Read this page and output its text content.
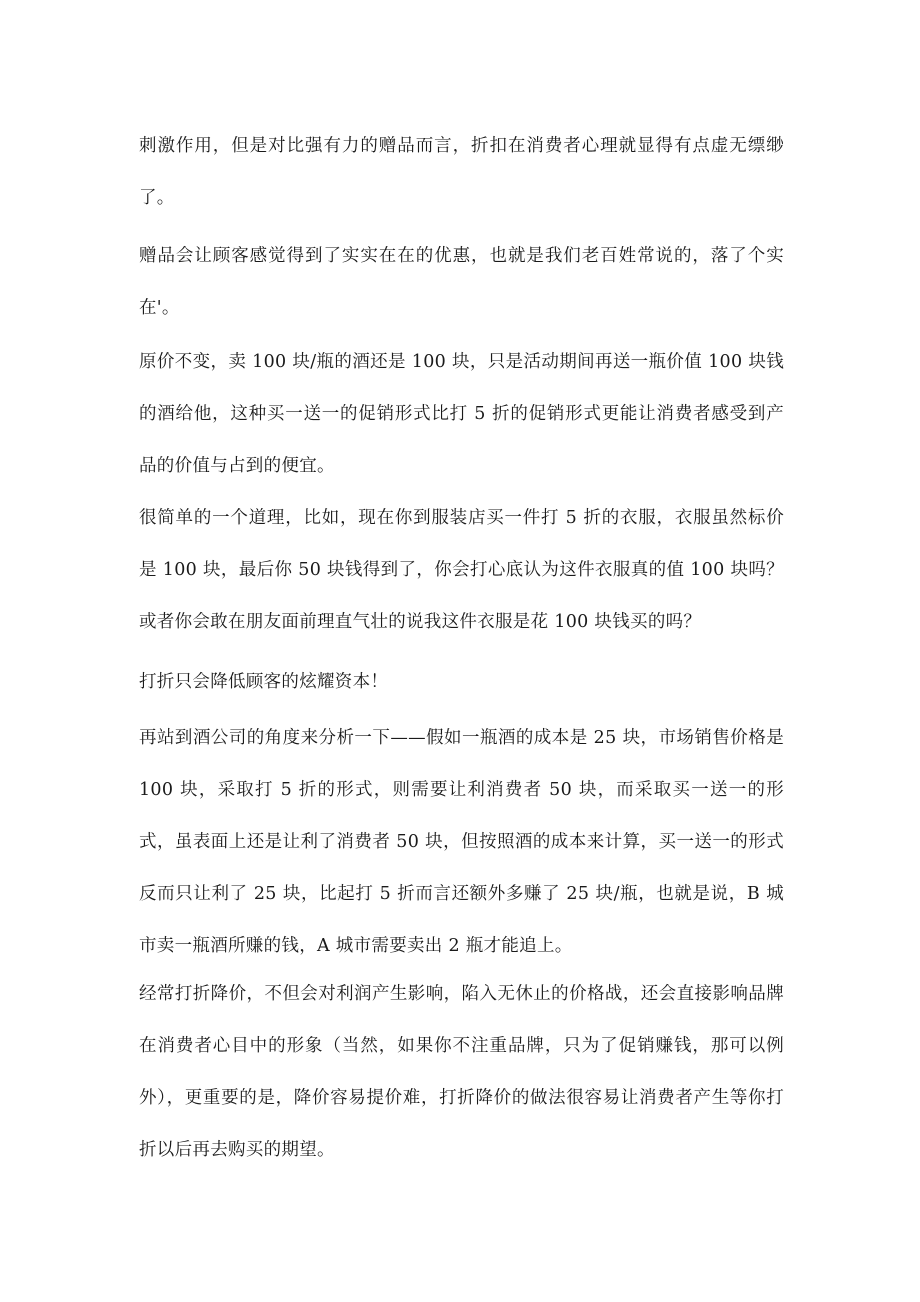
刺激作用，但是对比强有力的赠品而言，折扣在消费者心理就显得有点虚无缥缈了。

赠品会让顾客感觉得到了实实在在的优惠，也就是我们老百姓常说的，落了个实在'。

原价不变，卖 100 块/瓶的酒还是 100 块，只是活动期间再送一瓶价值 100 块钱的酒给他，这种买一送一的促销形式比打 5 折的促销形式更能让消费者感受到产品的价值与占到的便宜。

很简单的一个道理，比如，现在你到服装店买一件打 5 折的衣服，衣服虽然标价是 100 块，最后你 50 块钱得到了，你会打心底认为这件衣服真的值 100 块吗？或者你会敢在朋友面前理直气壮的说我这件衣服是花 100 块钱买的吗？

打折只会降低顾客的炫耀资本！

再站到酒公司的角度来分析一下——假如一瓶酒的成本是 25 块，市场销售价格是 100 块，采取打 5 折的形式，则需要让利消费者 50 块，而采取买一送一的形式，虽表面上还是让利了消费者 50 块，但按照酒的成本来计算，买一送一的形式反而只让利了 25 块，比起打 5 折而言还额外多赚了 25 块/瓶，也就是说，B 城市卖一瓶酒所赚的钱，A 城市需要卖出 2 瓶才能追上。

经常打折降价，不但会对利润产生影响，陷入无休止的价格战，还会直接影响品牌在消费者心目中的形象（当然，如果你不注重品牌，只为了促销赚钱，那可以例外），更重要的是，降价容易提价难，打折降价的做法很容易让消费者产生等你打折以后再去购买的期望。
